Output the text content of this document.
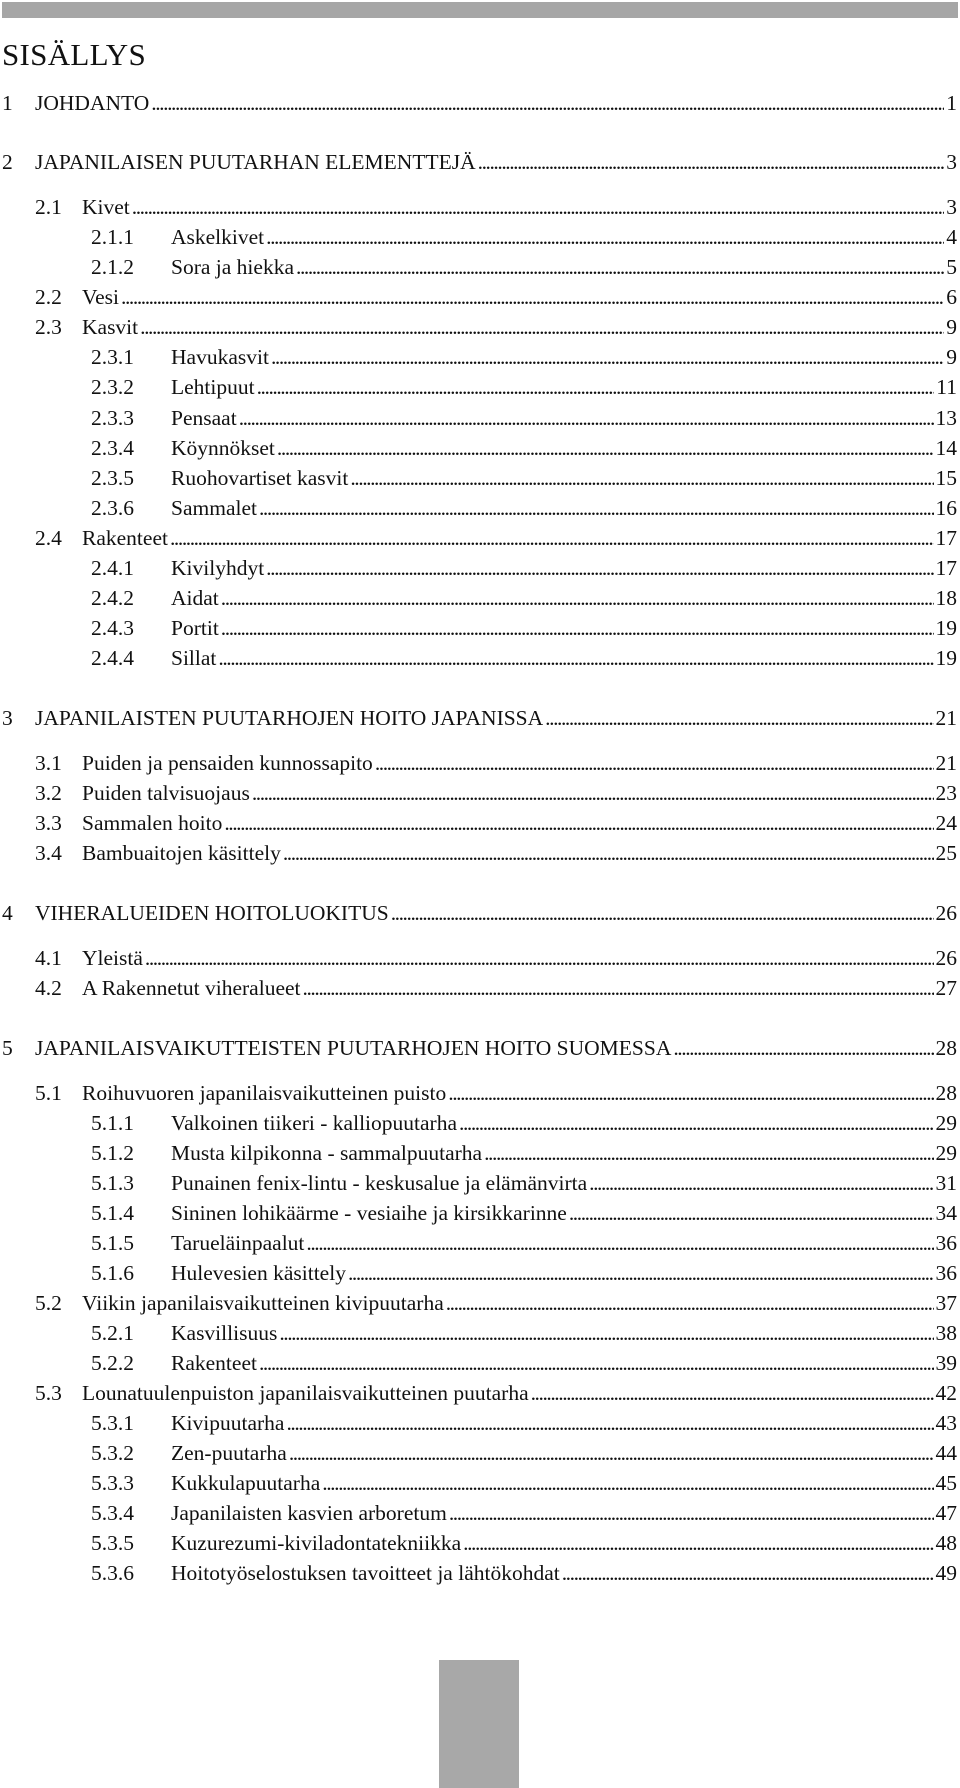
SISÄLLYS
1	JOHDANTO . . .	1
2	JAPANILAISEN PUUTARHAN ELEMENTTEJÄ . . .	3
2.1 Kivet . . .	3
2.1.1	Askelkivet . . .	4
2.1.2	Sora ja hiekka . . .	5
2.2 Vesi . . .	6
2.3 Kasvit . . .	9
2.3.1	Havukasvit . . .	9
2.3.2	Lehtipuut . . .	11
2.3.3	Pensaat . . .	13
2.3.4	Köynnökset . . .	14
2.3.5	Ruohovartiset kasvit . . .	15
2.3.6	Sammalet . . .	16
2.4 Rakenteet . . .	17
2.4.1	Kivilyhdyt . . .	17
2.4.2	Aidat . . .	18
2.4.3	Portit . . .	19
2.4.4	Sillat . . .	19
3	JAPANILAISTEN PUUTARHOJEN HOITO JAPANISSA . . .	21
3.1 Puiden ja pensaiden kunnossapito . . .	21
3.2 Puiden talvisuojaus . . .	23
3.3 Sammalen hoito . . .	24
3.4 Bambuaitojen käsittely . . .	25
4	VIHERALUEIDEN HOITOLUOKITUS . . .	26
4.1 Yleistä . . .	26
4.2 A Rakennetut viheralueet . . .	27
5	JAPANILAISVAIKUTTEISTEN PUUTARHOJEN HOITO SUOMESSA . . .	28
5.1 Roihuvuoren japanilaisvaikutteinen puisto . . .	28
5.1.1	Valkoinen tiikeri - kalliopuutarha . . .	29
5.1.2	Musta kilpikonna - sammalpuutarha . . .	29
5.1.3	Punainen fenix-lintu - keskusalue ja elämänvirta . . .	31
5.1.4	Sininen lohikäärme - vesiaihe ja kirsikkarinne . . .	34
5.1.5	Tarueläinpaalut . . .	36
5.1.6	Hulevesien käsittely . . .	36
5.2 Viikin japanilaisvaikutteinen kivipuutarha . . .	37
5.2.1	Kasvillisuus . . .	38
5.2.2	Rakenteet . . .	39
5.3 Lounatuulenpuiston japanilaisvaikutteinen puutarha . . .	42
5.3.1	Kivipuutarha . . .	43
5.3.2	Zen-puutarha . . .	44
5.3.3	Kukkulapuutarha . . .	45
5.3.4	Japanilaisten kasvien arboretum . . .	47
5.3.5	Kuzurezumi-kiviladontatekniikka . . .	48
5.3.6	Hoitotyöselostuksen tavoitteet ja lähtökohdat . . .	49
